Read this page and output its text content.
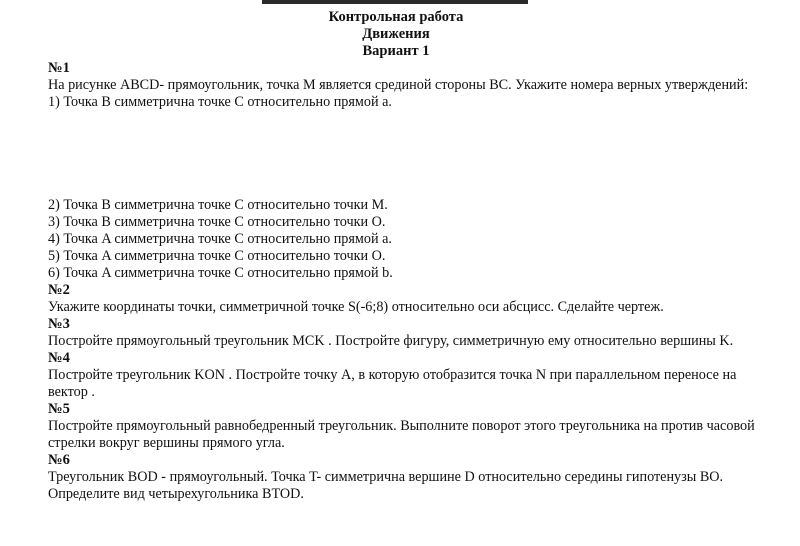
Контрольная работа
Движения
Вариант 1
№1

На рисунке ABCD- прямоугольник, точка M является срединой стороны BC. Укажите номера верных утверждений:

1) Точка B симметрична точке C относительно прямой a.
2) Точка B симметрична точке C относительно точки M.
3) Точка B симметрична точке C относительно точки O.
4) Точка A симметрична точке C относительно прямой a.
5) Точка A симметрична точке C относительно точки O.
6) Точка A симметрична точке C относительно прямой b.
№2

Укажите координаты точки, симметричной точке S(-6;8) относительно оси абсцисс. Сделайте чертеж.

№3

Постройте прямоугольный треугольник MCK . Постройте фигуру, симметричную ему относительно вершины K.

№4

Постройте треугольник KON . Постройте точку A, в которую отобразится точка N при параллельном переносе на вектор .

№5

Постройте прямоугольный равнобедренный треугольник. Выполните поворот этого треугольника на против часовой стрелки вокруг вершины прямого угла.

№6

Треугольник BOD - прямоугольный. Точка T- симметрична вершине D относительно середины гипотенузы BO. Определите вид четырехугольника BTOD.
